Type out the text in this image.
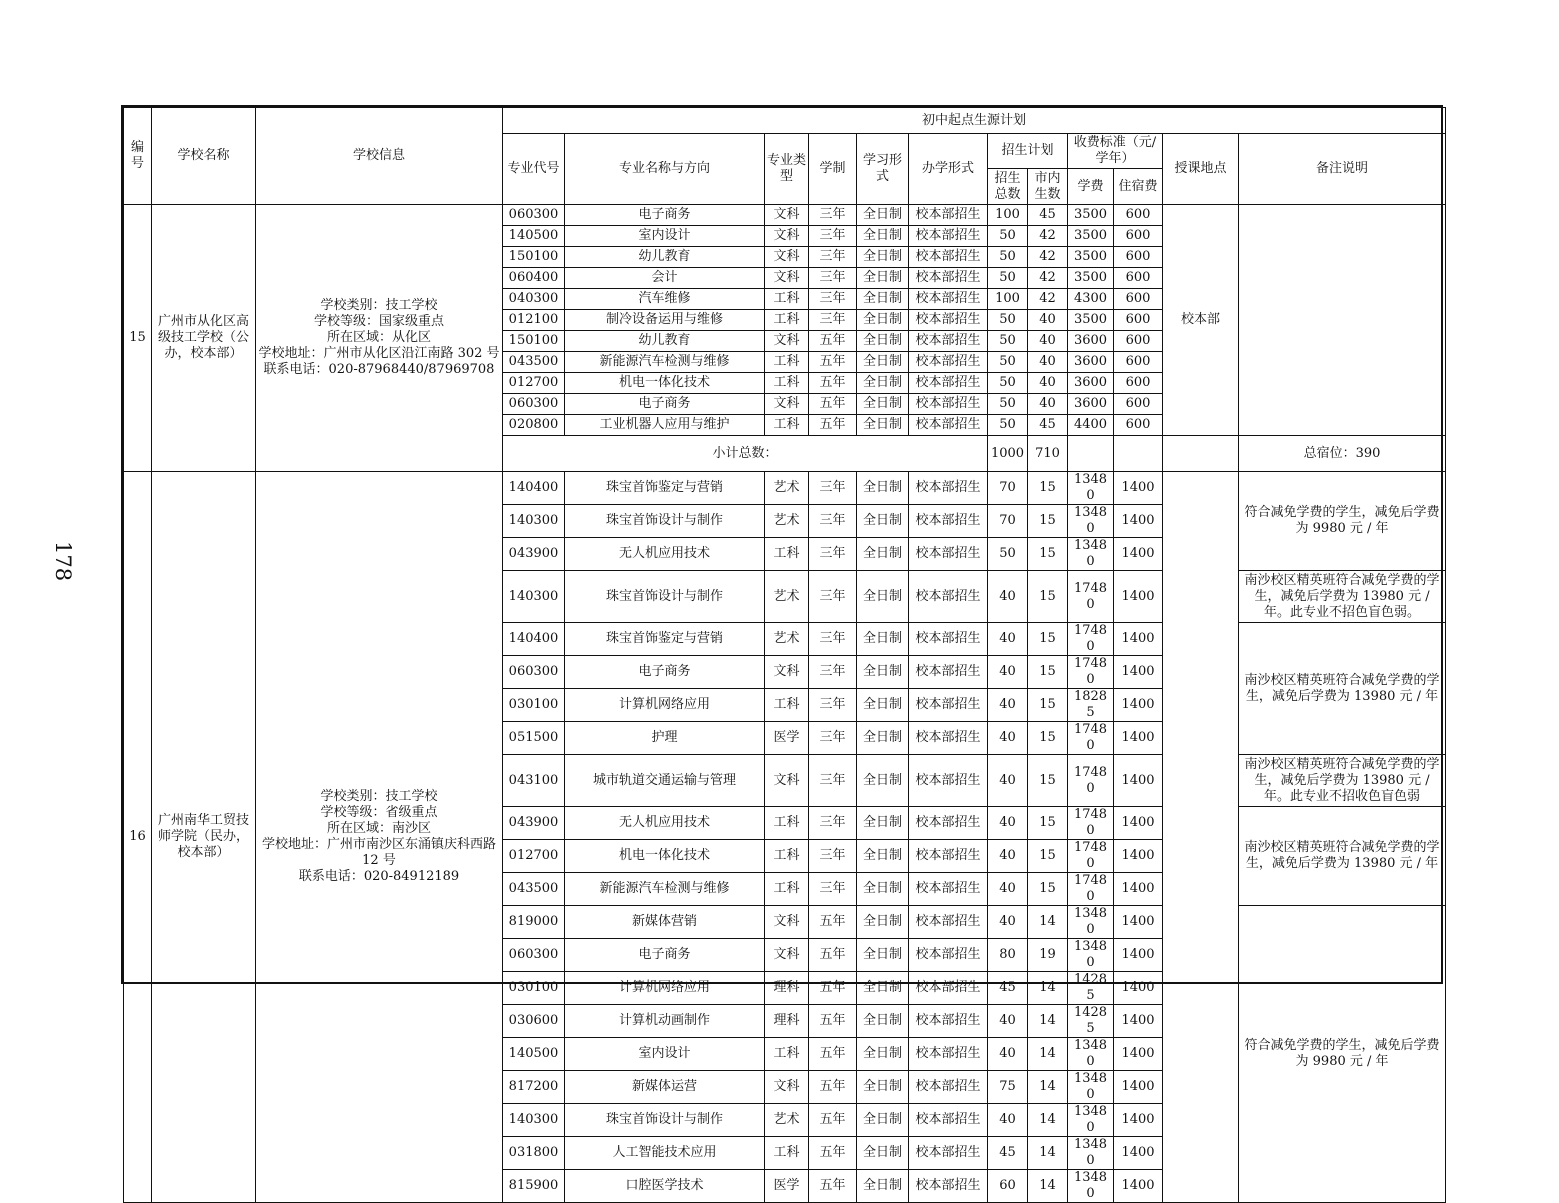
178
编号	学校名称	学校信息	初中起点生源计划											
			专业代号	专业名称与方向	专业类型	学制	学习形式	办学形式	招生计划		收费标准（元/学年）		授课地点	备注说明
									招生总数	市内生数	学费	住宿费		
15	广州市从化区高级技工学校（公办，校本部）	学校类别：技工学校
学校等级：国家级重点
所在区域：从化区
学校地址：广州市从化区沿江南路 302 号
联系电话：020-87968440/87969708	060300	电子商务	文科	三年	全日制	校本部招生	100	45	3500	600	校本部	
			140500	室内设计	文科	三年	全日制	校本部招生	50	42	3500	600		
			150100	幼儿教育	文科	三年	全日制	校本部招生	50	42	3500	600		
			060400	会计	文科	三年	全日制	校本部招生	50	42	3500	600		
			040300	汽车维修	工科	三年	全日制	校本部招生	100	42	4300	600		
			012100	制冷设备运用与维修	工科	三年	全日制	校本部招生	50	40	3500	600		
			150100	幼儿教育	文科	五年	全日制	校本部招生	50	40	3600	600		
			043500	新能源汽车检测与维修	工科	五年	全日制	校本部招生	50	40	3600	600		
			012700	机电一体化技术	工科	五年	全日制	校本部招生	50	40	3600	600		
			060300	电子商务	文科	五年	全日制	校本部招生	50	40	3600	600		
			020800	工业机器人应用与维护	工科	五年	全日制	校本部招生	50	45	4400	600		
			小计总数：						1000	710				总宿位：390
16	广州南华工贸技师学院（民办，校本部）	学校类别：技工学校
学校等级：省级重点
所在区域：南沙区
学校地址：广州市南沙区东涌镇庆科西路 12 号
联系电话：020-84912189	140400	珠宝首饰鉴定与营销	艺术	三年	全日制	校本部招生	70	15	13480	1400		符合减免学费的学生，减免后学费为 9980 元 / 年
			140300	珠宝首饰设计与制作	艺术	三年	全日制	校本部招生	70	15	13480	1400		
			043900	无人机应用技术	工科	三年	全日制	校本部招生	50	15	13480	1400		
			140300	珠宝首饰设计与制作	艺术	三年	全日制	校本部招生	40	15	17480	1400		南沙校区精英班符合减免学费的学生，减免后学费为 13980 元 / 年。此专业不招色盲色弱。
			140400	珠宝首饰鉴定与营销	艺术	三年	全日制	校本部招生	40	15	17480	1400		南沙校区精英班符合减免学费的学生，减免后学费为 13980 元 / 年
			060300	电子商务	文科	三年	全日制	校本部招生	40	15	17480	1400		
			030100	计算机网络应用	工科	三年	全日制	校本部招生	40	15	18285	1400		
			051500	护理	医学	三年	全日制	校本部招生	40	15	17480	1400		
			043100	城市轨道交通运输与管理	文科	三年	全日制	校本部招生	40	15	17480	1400		南沙校区精英班符合减免学费的学生，减免后学费为 13980 元 / 年。此专业不招收色盲色弱
			043900	无人机应用技术	工科	三年	全日制	校本部招生	40	15	17480	1400		南沙校区精英班符合减免学费的学生，减免后学费为 13980 元 / 年
			012700	机电一体化技术	工科	三年	全日制	校本部招生	40	15	17480	1400		
			043500	新能源汽车检测与维修	工科	三年	全日制	校本部招生	40	15	17480	1400		
			819000	新媒体营销	文科	五年	全日制	校本部招生	40	14	13480	1400		符合减免学费的学生，减免后学费为 9980 元 / 年
			060300	电子商务	文科	五年	全日制	校本部招生	80	19	13480	1400		
			030100	计算机网络应用	理科	五年	全日制	校本部招生	45	14	14285	1400		
			030600	计算机动画制作	理科	五年	全日制	校本部招生	40	14	14285	1400		
			140500	室内设计	工科	五年	全日制	校本部招生	40	14	13480	1400		
			817200	新媒体运营	文科	五年	全日制	校本部招生	75	14	13480	1400		
			140300	珠宝首饰设计与制作	艺术	五年	全日制	校本部招生	40	14	13480	1400		
			031800	人工智能技术应用	工科	五年	全日制	校本部招生	45	14	13480	1400		
			815900	口腔医学技术	医学	五年	全日制	校本部招生	60	14	13480	1400		
